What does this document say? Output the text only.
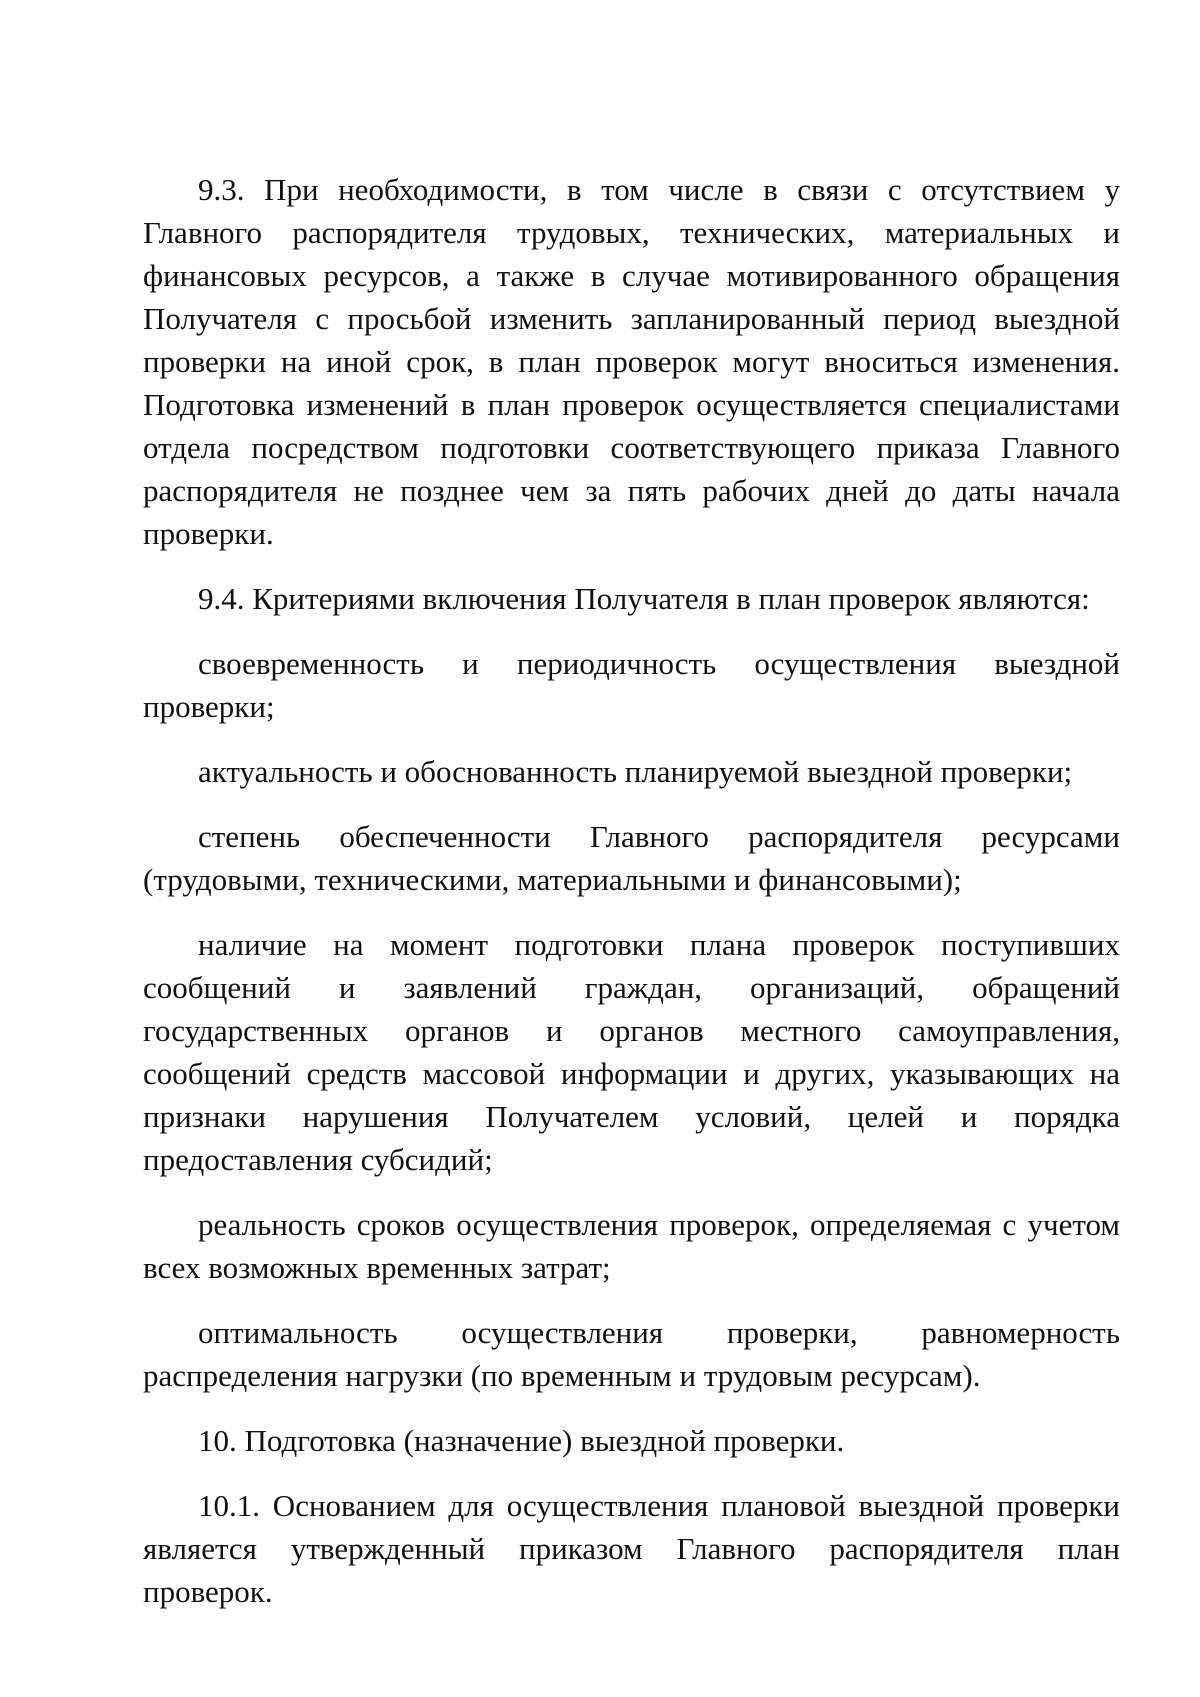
9.3. При необходимости, в том числе в связи с отсутствием у Главного распорядителя трудовых, технических, материальных и финансовых ресурсов, а также в случае мотивированного обращения Получателя с просьбой изменить запланированный период выездной проверки на иной срок, в план проверок могут вноситься изменения. Подготовка изменений в план проверок осуществляется специалистами отдела посредством подготовки соответствующего приказа Главного распорядителя не позднее чем за пять рабочих дней до даты начала проверки.

9.4. Критериями включения Получателя в план проверок являются:

своевременность и периодичность осуществления выездной проверки;

актуальность и обоснованность планируемой выездной проверки;

степень обеспеченности Главного распорядителя ресурсами (трудовыми, техническими, материальными и финансовыми);

наличие на момент подготовки плана проверок поступивших сообщений и заявлений граждан, организаций, обращений государственных органов и органов местного самоуправления, сообщений средств массовой информации и других, указывающих на признаки нарушения Получателем условий, целей и порядка предоставления субсидий;

реальность сроков осуществления проверок, определяемая с учетом всех возможных временных затрат;

оптимальность осуществления проверки, равномерность распределения нагрузки (по временным и трудовым ресурсам).

10. Подготовка (назначение) выездной проверки.

10.1. Основанием для осуществления плановой выездной проверки является утвержденный приказом Главного распорядителя план проверок.
